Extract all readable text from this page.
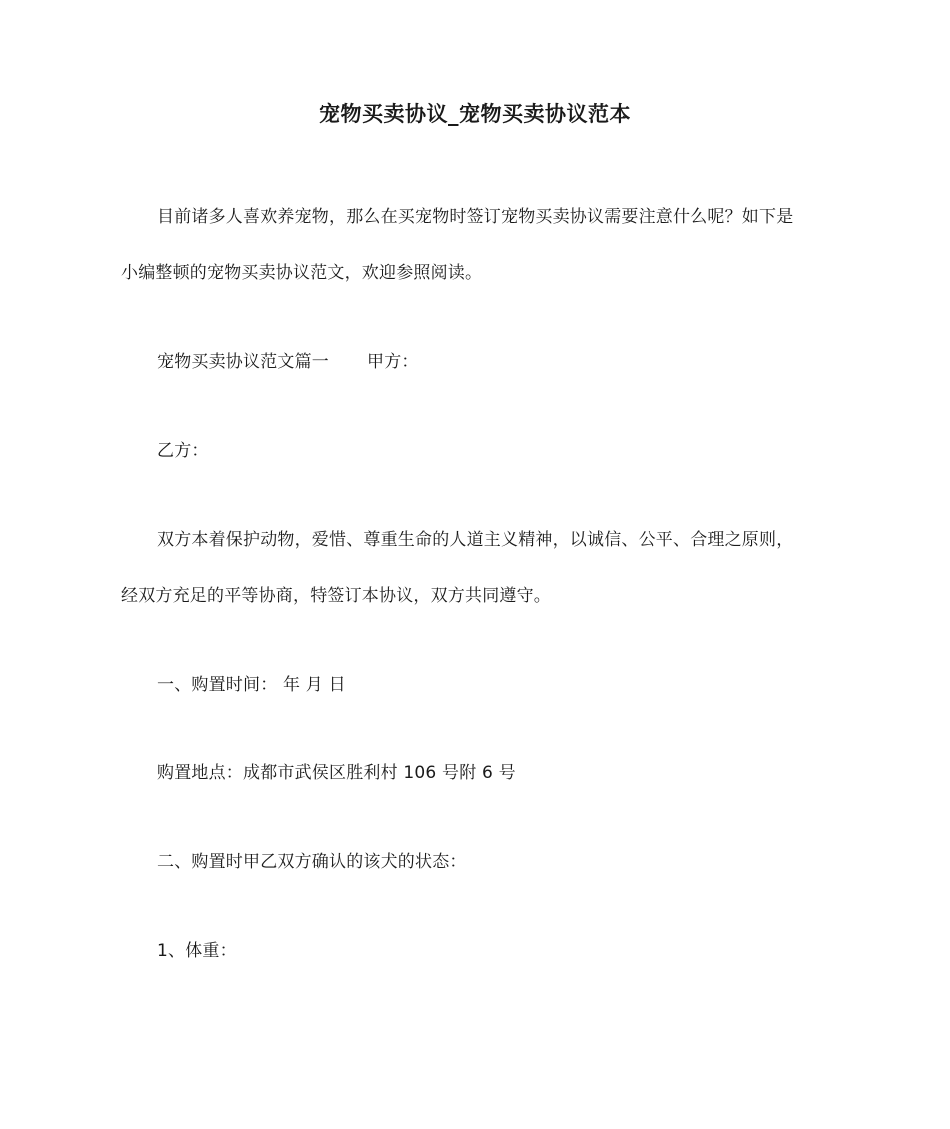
宠物买卖协议_宠物买卖协议范本
目前诸多人喜欢养宠物，那么在买宠物时签订宠物买卖协议需要注意什么呢？如下是
小编整顿的宠物买卖协议范文，欢迎参照阅读。
宠物买卖协议范文篇一 甲方：
乙方：
双方本着保护动物，爱惜、尊重生命的人道主义精神，以诚信、公平、合理之原则，
经双方充足的平等协商，特签订本协议，双方共同遵守。
一、购置时间： 年 月 日
购置地点：成都市武侯区胜利村 106 号附 6 号
二、购置时甲乙双方确认的该犬的状态：
1、体重：
